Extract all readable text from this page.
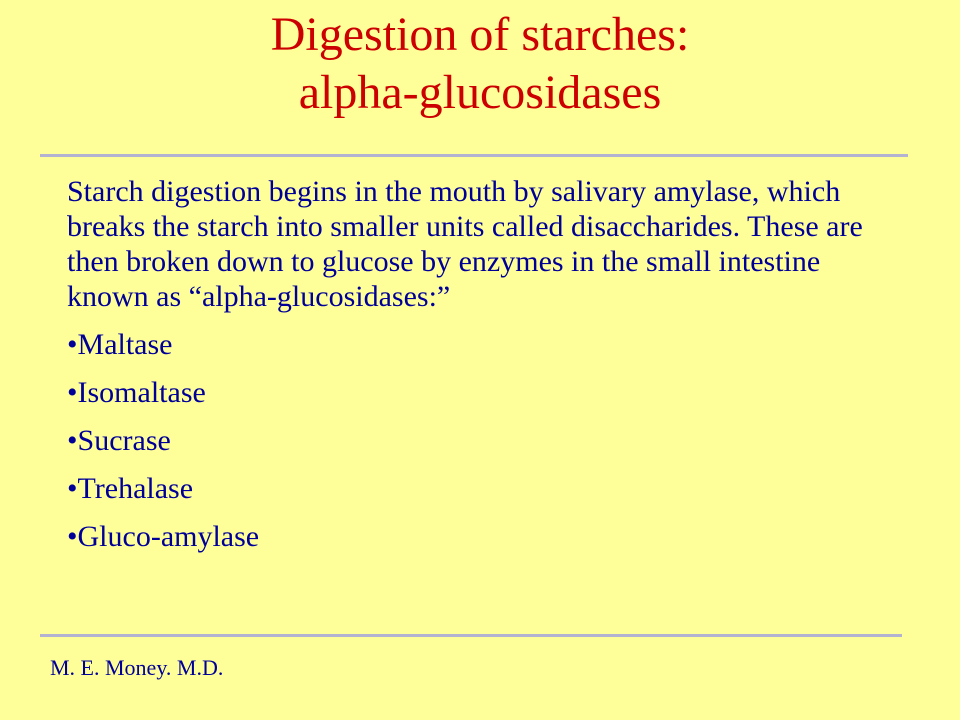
Digestion of starches:
alpha-glucosidases

Starch digestion begins in the mouth by salivary amylase, which breaks the starch into smaller units called disaccharides. These are then broken down to glucose by enzymes in the small intestine known as “alpha-glucosidases:”

•Maltase
•Isomaltase
•Sucrase
•Trehalase
•Gluco-amylase
M. E. Money. M.D.
